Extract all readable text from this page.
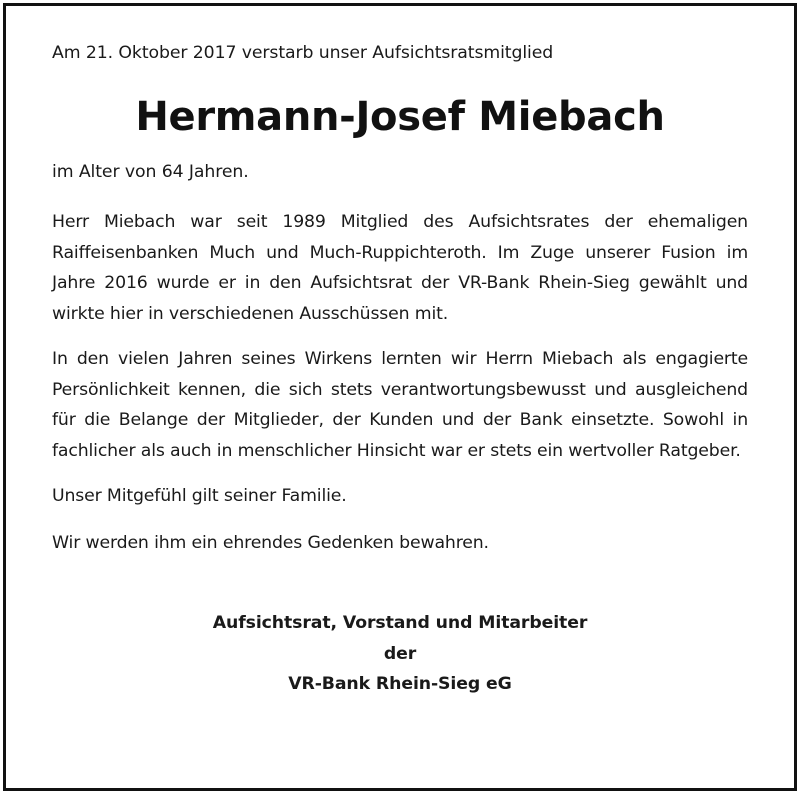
Am 21. Oktober 2017 verstarb unser Aufsichtsratsmitglied

Hermann-Josef Miebach

im Alter von 64 Jahren.

Herr Miebach war seit 1989 Mitglied des Aufsichtsrates der ehemaligen Raiffeisenbanken Much und Much-Ruppichteroth. Im Zuge unserer Fusion im Jahre 2016 wurde er in den Aufsichtsrat der VR-Bank Rhein-Sieg gewählt und wirkte hier in verschiedenen Ausschüssen mit.

In den vielen Jahren seines Wirkens lernten wir Herrn Miebach als engagierte Persönlichkeit kennen, die sich stets verantwortungsbewusst und ausgleichend für die Belange der Mitglieder, der Kunden und der Bank einsetzte. Sowohl in fachlicher als auch in menschlicher Hinsicht war er stets ein wertvoller Ratgeber.

Unser Mitgefühl gilt seiner Familie.

Wir werden ihm ein ehrendes Gedenken bewahren.

Aufsichtsrat, Vorstand und Mitarbeiter
der
VR-Bank Rhein-Sieg eG
